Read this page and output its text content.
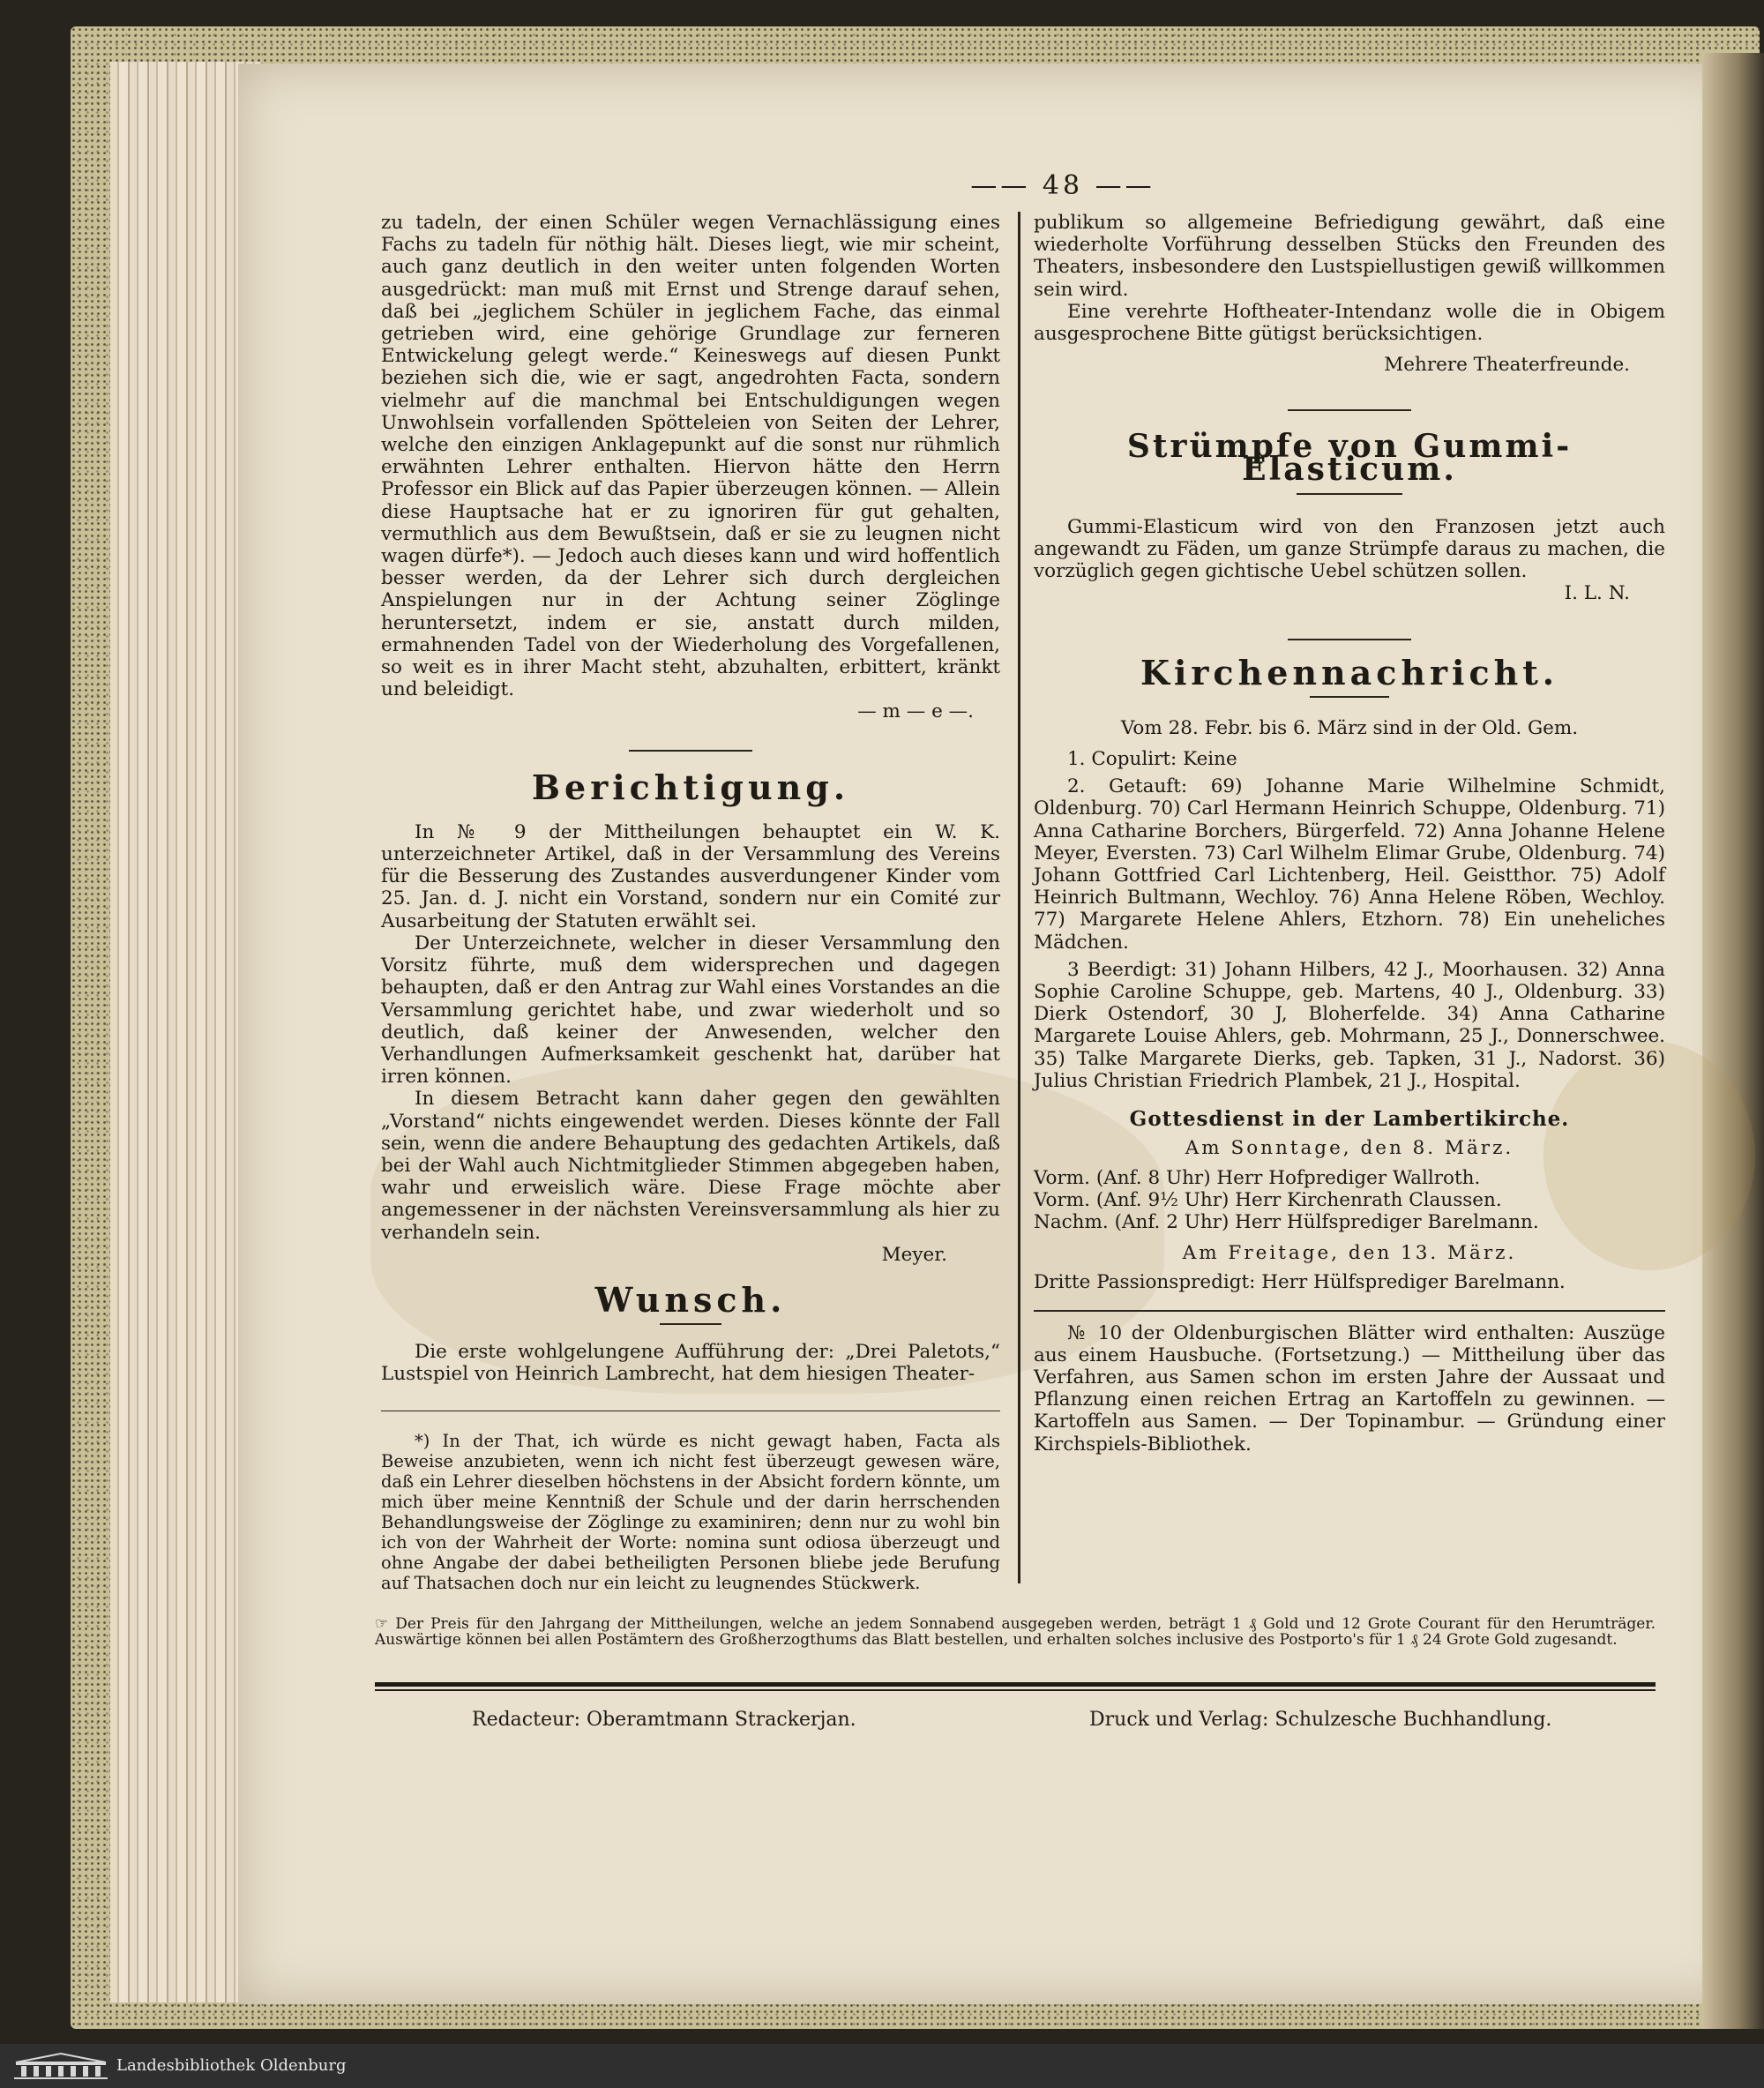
—— 48 ——

zu tadeln, der einen Schüler wegen Vernachlässigung eines Fachs zu tadeln für nöthig hält. Dieses liegt, wie mir scheint, auch ganz deutlich in den weiter unten folgenden Worten ausgedrückt: man muß mit Ernst und Strenge darauf sehen, daß bei „jeglichem Schüler in jeglichem Fache, das einmal getrieben wird, eine gehörige Grundlage zur ferneren Entwickelung gelegt werde.“ Keineswegs auf diesen Punkt beziehen sich die, wie er sagt, angedrohten Facta, sondern vielmehr auf die manchmal bei Entschuldigungen wegen Unwohlsein vorfallenden Spötteleien von Seiten der Lehrer, welche den einzigen Anklagepunkt auf die sonst nur rühmlich erwähnten Lehrer enthalten. Hiervon hätte den Herrn Professor ein Blick auf das Papier überzeugen können. — Allein diese Hauptsache hat er zu ignoriren für gut gehalten, vermuthlich aus dem Bewußtsein, daß er sie zu leugnen nicht wagen dürfe*). — Jedoch auch dieses kann und wird hoffentlich besser werden, da der Lehrer sich durch dergleichen Anspielungen nur in der Achtung seiner Zöglinge heruntersetzt, indem er sie, anstatt durch milden, ermahnenden Tadel von der Wiederholung des Vorgefallenen, so weit es in ihrer Macht steht, abzuhalten, erbittert, kränkt und beleidigt.

— m — e —.

Berichtigung.

In № 9 der Mittheilungen behauptet ein W. K. unterzeichneter Artikel, daß in der Versammlung des Vereins für die Besserung des Zustandes ausverdungener Kinder vom 25. Jan. d. J. nicht ein Vorstand, sondern nur ein Comité zur Ausarbeitung der Statuten erwählt sei.

Der Unterzeichnete, welcher in dieser Versammlung den Vorsitz führte, muß dem widersprechen und dagegen behaupten, daß er den Antrag zur Wahl eines Vorstandes an die Versammlung gerichtet habe, und zwar wiederholt und so deutlich, daß keiner der Anwesenden, welcher den Verhandlungen Aufmerksamkeit geschenkt hat, darüber hat irren können.

In diesem Betracht kann daher gegen den gewählten „Vorstand“ nichts eingewendet werden. Dieses könnte der Fall sein, wenn die andere Behauptung des gedachten Artikels, daß bei der Wahl auch Nichtmitglieder Stimmen abgegeben haben, wahr und erweislich wäre. Diese Frage möchte aber angemessener in der nächsten Vereinsversammlung als hier zu verhandeln sein.

Meyer.

Wunsch.

Die erste wohlgelungene Aufführung der: „Drei Paletots,“ Lustspiel von Heinrich Lambrecht, hat dem hiesigen Theater-

*) In der That, ich würde es nicht gewagt haben, Facta als Beweise anzubieten, wenn ich nicht fest überzeugt gewesen wäre, daß ein Lehrer dieselben höchstens in der Absicht fordern könnte, um mich über meine Kenntniß der Schule und der darin herrschenden Behandlungsweise der Zöglinge zu examiniren; denn nur zu wohl bin ich von der Wahrheit der Worte: nomina sunt odiosa überzeugt und ohne Angabe der dabei betheiligten Personen bliebe jede Berufung auf Thatsachen doch nur ein leicht zu leugnendes Stückwerk.

publikum so allgemeine Befriedigung gewährt, daß eine wiederholte Vorführung desselben Stücks den Freunden des Theaters, insbesondere den Lustspiellustigen gewiß willkommen sein wird.

Eine verehrte Hoftheater-Intendanz wolle die in Obigem ausgesprochene Bitte gütigst berücksichtigen.

Mehrere Theaterfreunde.

Strümpfe von Gummi-Elasticum.

Gummi-Elasticum wird von den Franzosen jetzt auch angewandt zu Fäden, um ganze Strümpfe daraus zu machen, die vorzüglich gegen gichtische Uebel schützen sollen.

I. L. N.

Kirchennachricht.

Vom 28. Febr. bis 6. März sind in der Old. Gem.

1. Copulirt: Keine

2. Getauft: 69) Johanne Marie Wilhelmine Schmidt, Oldenburg. 70) Carl Hermann Heinrich Schuppe, Oldenburg. 71) Anna Catharine Borchers, Bürgerfeld. 72) Anna Johanne Helene Meyer, Eversten. 73) Carl Wilhelm Elimar Grube, Oldenburg. 74) Johann Gottfried Carl Lichtenberg, Heil. Geistthor. 75) Adolf Heinrich Bultmann, Wechloy. 76) Anna Helene Röben, Wechloy. 77) Margarete Helene Ahlers, Etzhorn. 78) Ein uneheliches Mädchen.

3 Beerdigt: 31) Johann Hilbers, 42 J., Moorhausen. 32) Anna Sophie Caroline Schuppe, geb. Martens, 40 J., Oldenburg. 33) Dierk Ostendorf, 30 J, Bloherfelde. 34) Anna Catharine Margarete Louise Ahlers, geb. Mohrmann, 25 J., Donnerschwee. 35) Talke Margarete Dierks, geb. Tapken, 31 J., Nadorst. 36) Julius Christian Friedrich Plambek, 21 J., Hospital.

Gottesdienst in der Lambertikirche.

Am Sonntage, den 8. März.

Vorm. (Anf. 8 Uhr) Herr Hofprediger Wallroth.

Vorm. (Anf. 9½ Uhr) Herr Kirchenrath Claussen.

Nachm. (Anf. 2 Uhr) Herr Hülfsprediger Barelmann.

Am Freitage, den 13. März.

Dritte Passionspredigt: Herr Hülfsprediger Barelmann.

№ 10 der Oldenburgischen Blätter wird enthalten: Auszüge aus einem Hausbuche. (Fortsetzung.) — Mittheilung über das Verfahren, aus Samen schon im ersten Jahre der Aussaat und Pflanzung einen reichen Ertrag an Kartoffeln zu gewinnen. — Kartoffeln aus Samen. — Der Topinambur. — Gründung einer Kirchspiels-Bibliothek.

☞ Der Preis für den Jahrgang der Mittheilungen, welche an jedem Sonnabend ausgegeben werden, beträgt 1 ₰ Gold und 12 Grote Courant für den Herumträger. Auswärtige können bei allen Postämtern des Großherzogthums das Blatt bestellen, und erhalten solches inclusive des Postporto's für 1 ₰ 24 Grote Gold zugesandt.
Redacteur: Oberamtmann Strackerjan.	Druck und Verlag: Schulzesche Buchhandlung.
Landesbibliothek Oldenburg
